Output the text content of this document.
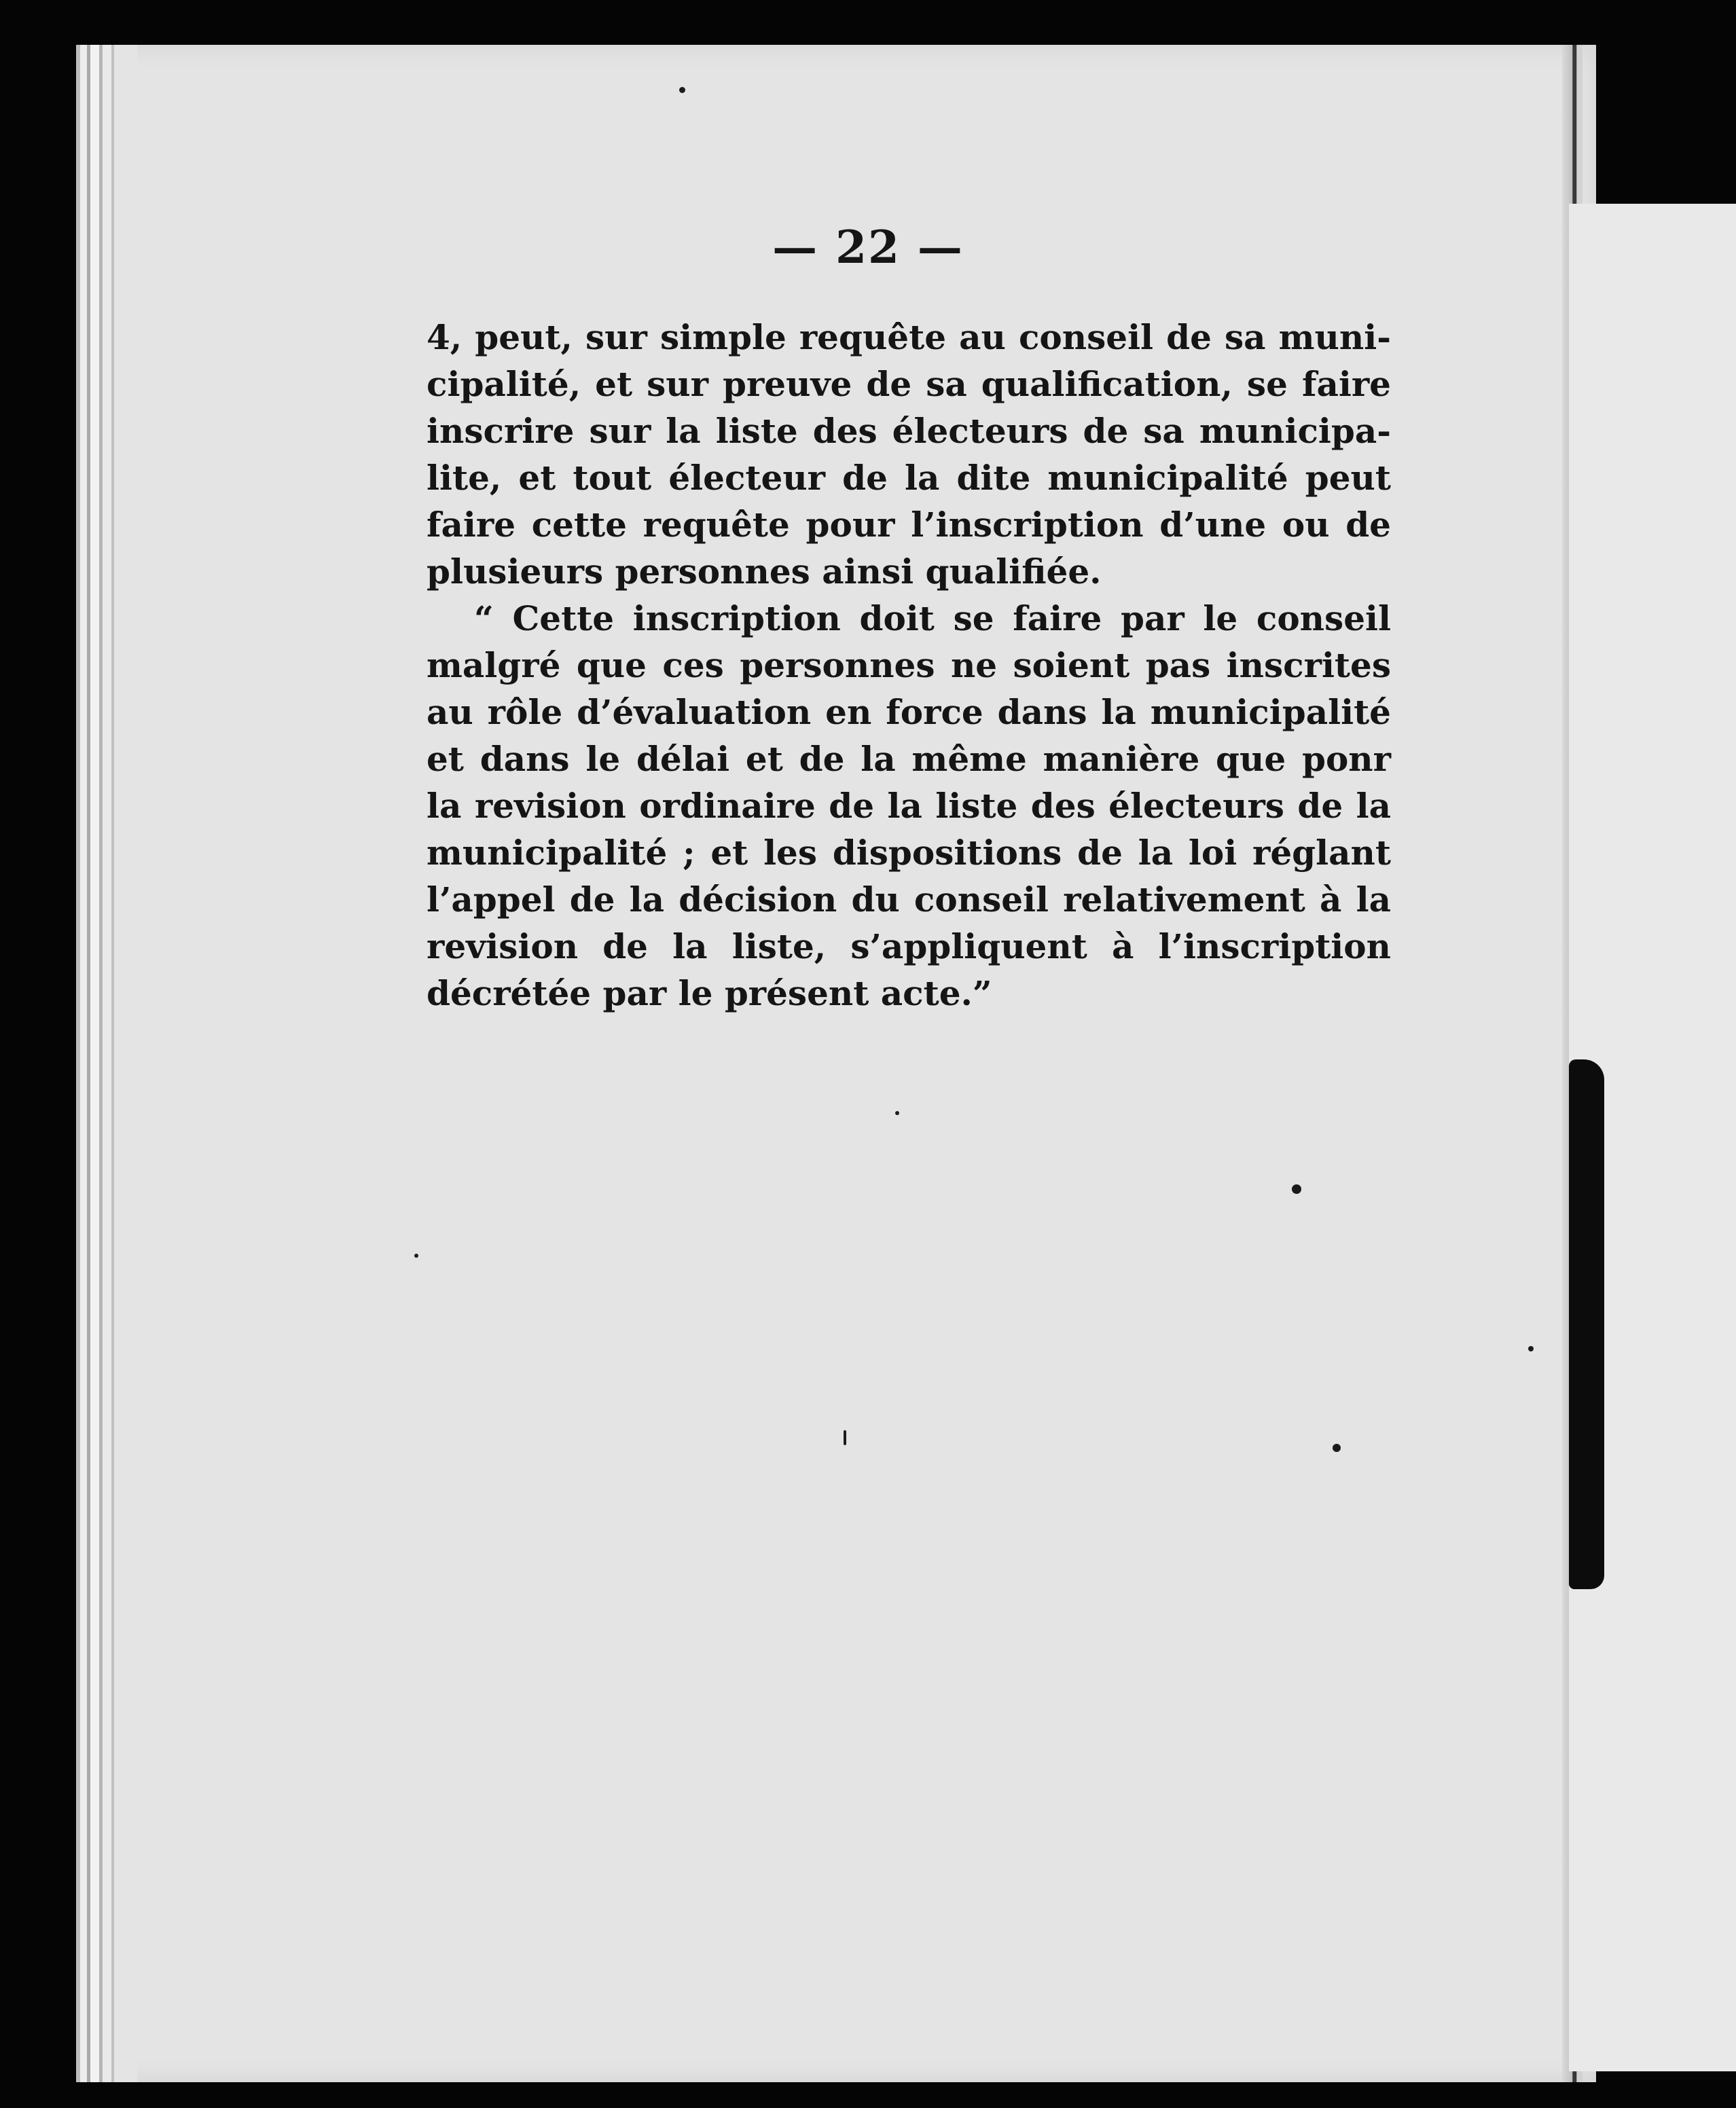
— 22 —
4, peut, sur simple requête au conseil de sa muni-
cipalité, et sur preuve de sa qualification, se faire
inscrire sur la liste des électeurs de sa municipa-
lite, et tout électeur de la dite municipalité peut
faire cette requête pour l’inscription d’une ou de
plusieurs personnes ainsi qualifiée.
“ Cette inscription doit se faire par le conseil
malgré que ces personnes ne soient pas inscrites
au rôle d’évaluation en force dans la municipalité
et dans le délai et de la même manière que ponr
la revision ordinaire de la liste des électeurs de la
municipalité ; et les dispositions de la loi réglant
l’appel de la décision du conseil relativement à la
revision de la liste, s’appliquent à l’inscription
décrétée par le présent acte.”
